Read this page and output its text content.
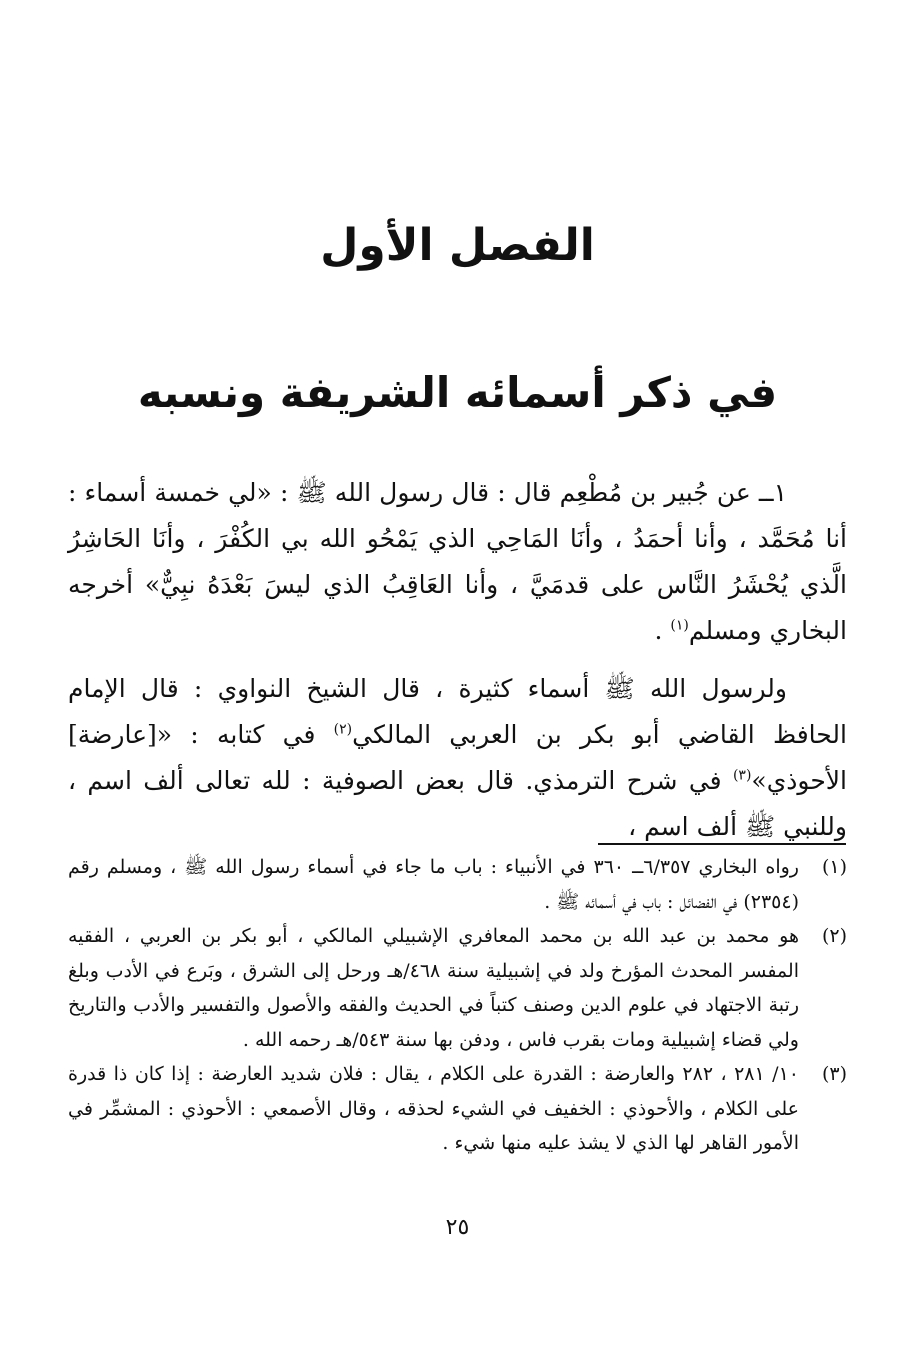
الفصل الأول
في ذكر أسمائه الشريفة ونسبه

١ــ عن جُبير بن مُطْعِم قال : قال رسول الله ﷺ : «لي خمسة أسماء : أنا مُحَمَّد ، وأنا أحمَدُ ، وأنَا المَاحِي الذي يَمْحُو الله بي الكُفْرَ ، وأنَا الحَاشِرُ الَّذي يُحْشَرُ النَّاس على قدمَيَّ ، وأنا العَاقِبُ الذي ليسَ بَعْدَهُ نبِيٌّ» أخرجه البخاري ومسلم$^{(١)}$ .

ولرسول الله ﷺ أسماء كثيرة ، قال الشيخ النواوي : قال الإمام الحافظ القاضي أبو بكر بن العربي المالكي$^{(٢)}$ في كتابه : «[عارضة] الأحوذي»$^{(٣)}$ في شرح الترمذي. قال بعض الصوفية : لله تعالى ألف اسم ، وللنبي ﷺ ألف اسم ،

(١)
رواه البخاري ٦/٣٥٧ــ ٣٦٠ في الأنبياء : باب ما جاء في أسماء رسول الله ﷺ ، ومسلم رقم (٢٣٥٤) في الفضائل : باب في أسمائه ﷺ .
(٢)
هو محمد بن عبد الله بن محمد المعافري الإشبيلي المالكي ، أبو بكر بن العربي ، الفقيه المفسر المحدث المؤرخ ولد في إشبيلية سنة ٤٦٨/هـ ورحل إلى الشرق ، وبَرع في الأدب وبلغ رتبة الاجتهاد في علوم الدين وصنف كتباً في الحديث والفقه والأصول والتفسير والأدب والتاريخ ولي قضاء إشبيلية ومات بقرب فاس ، ودفن بها سنة ٥٤٣/هـ رحمه الله .
(٣)
١٠/ ٢٨١ ، ٢٨٢ والعارضة : القدرة على الكلام ، يقال : فلان شديد العارضة : إذا كان ذا قدرة على الكلام ، والأحوذي : الخفيف في الشيء لحذقه ، وقال الأصمعي : الأحوذي : المشمِّر في الأمور القاهر لها الذي لا يشذ عليه منها شيء .
٢٥
